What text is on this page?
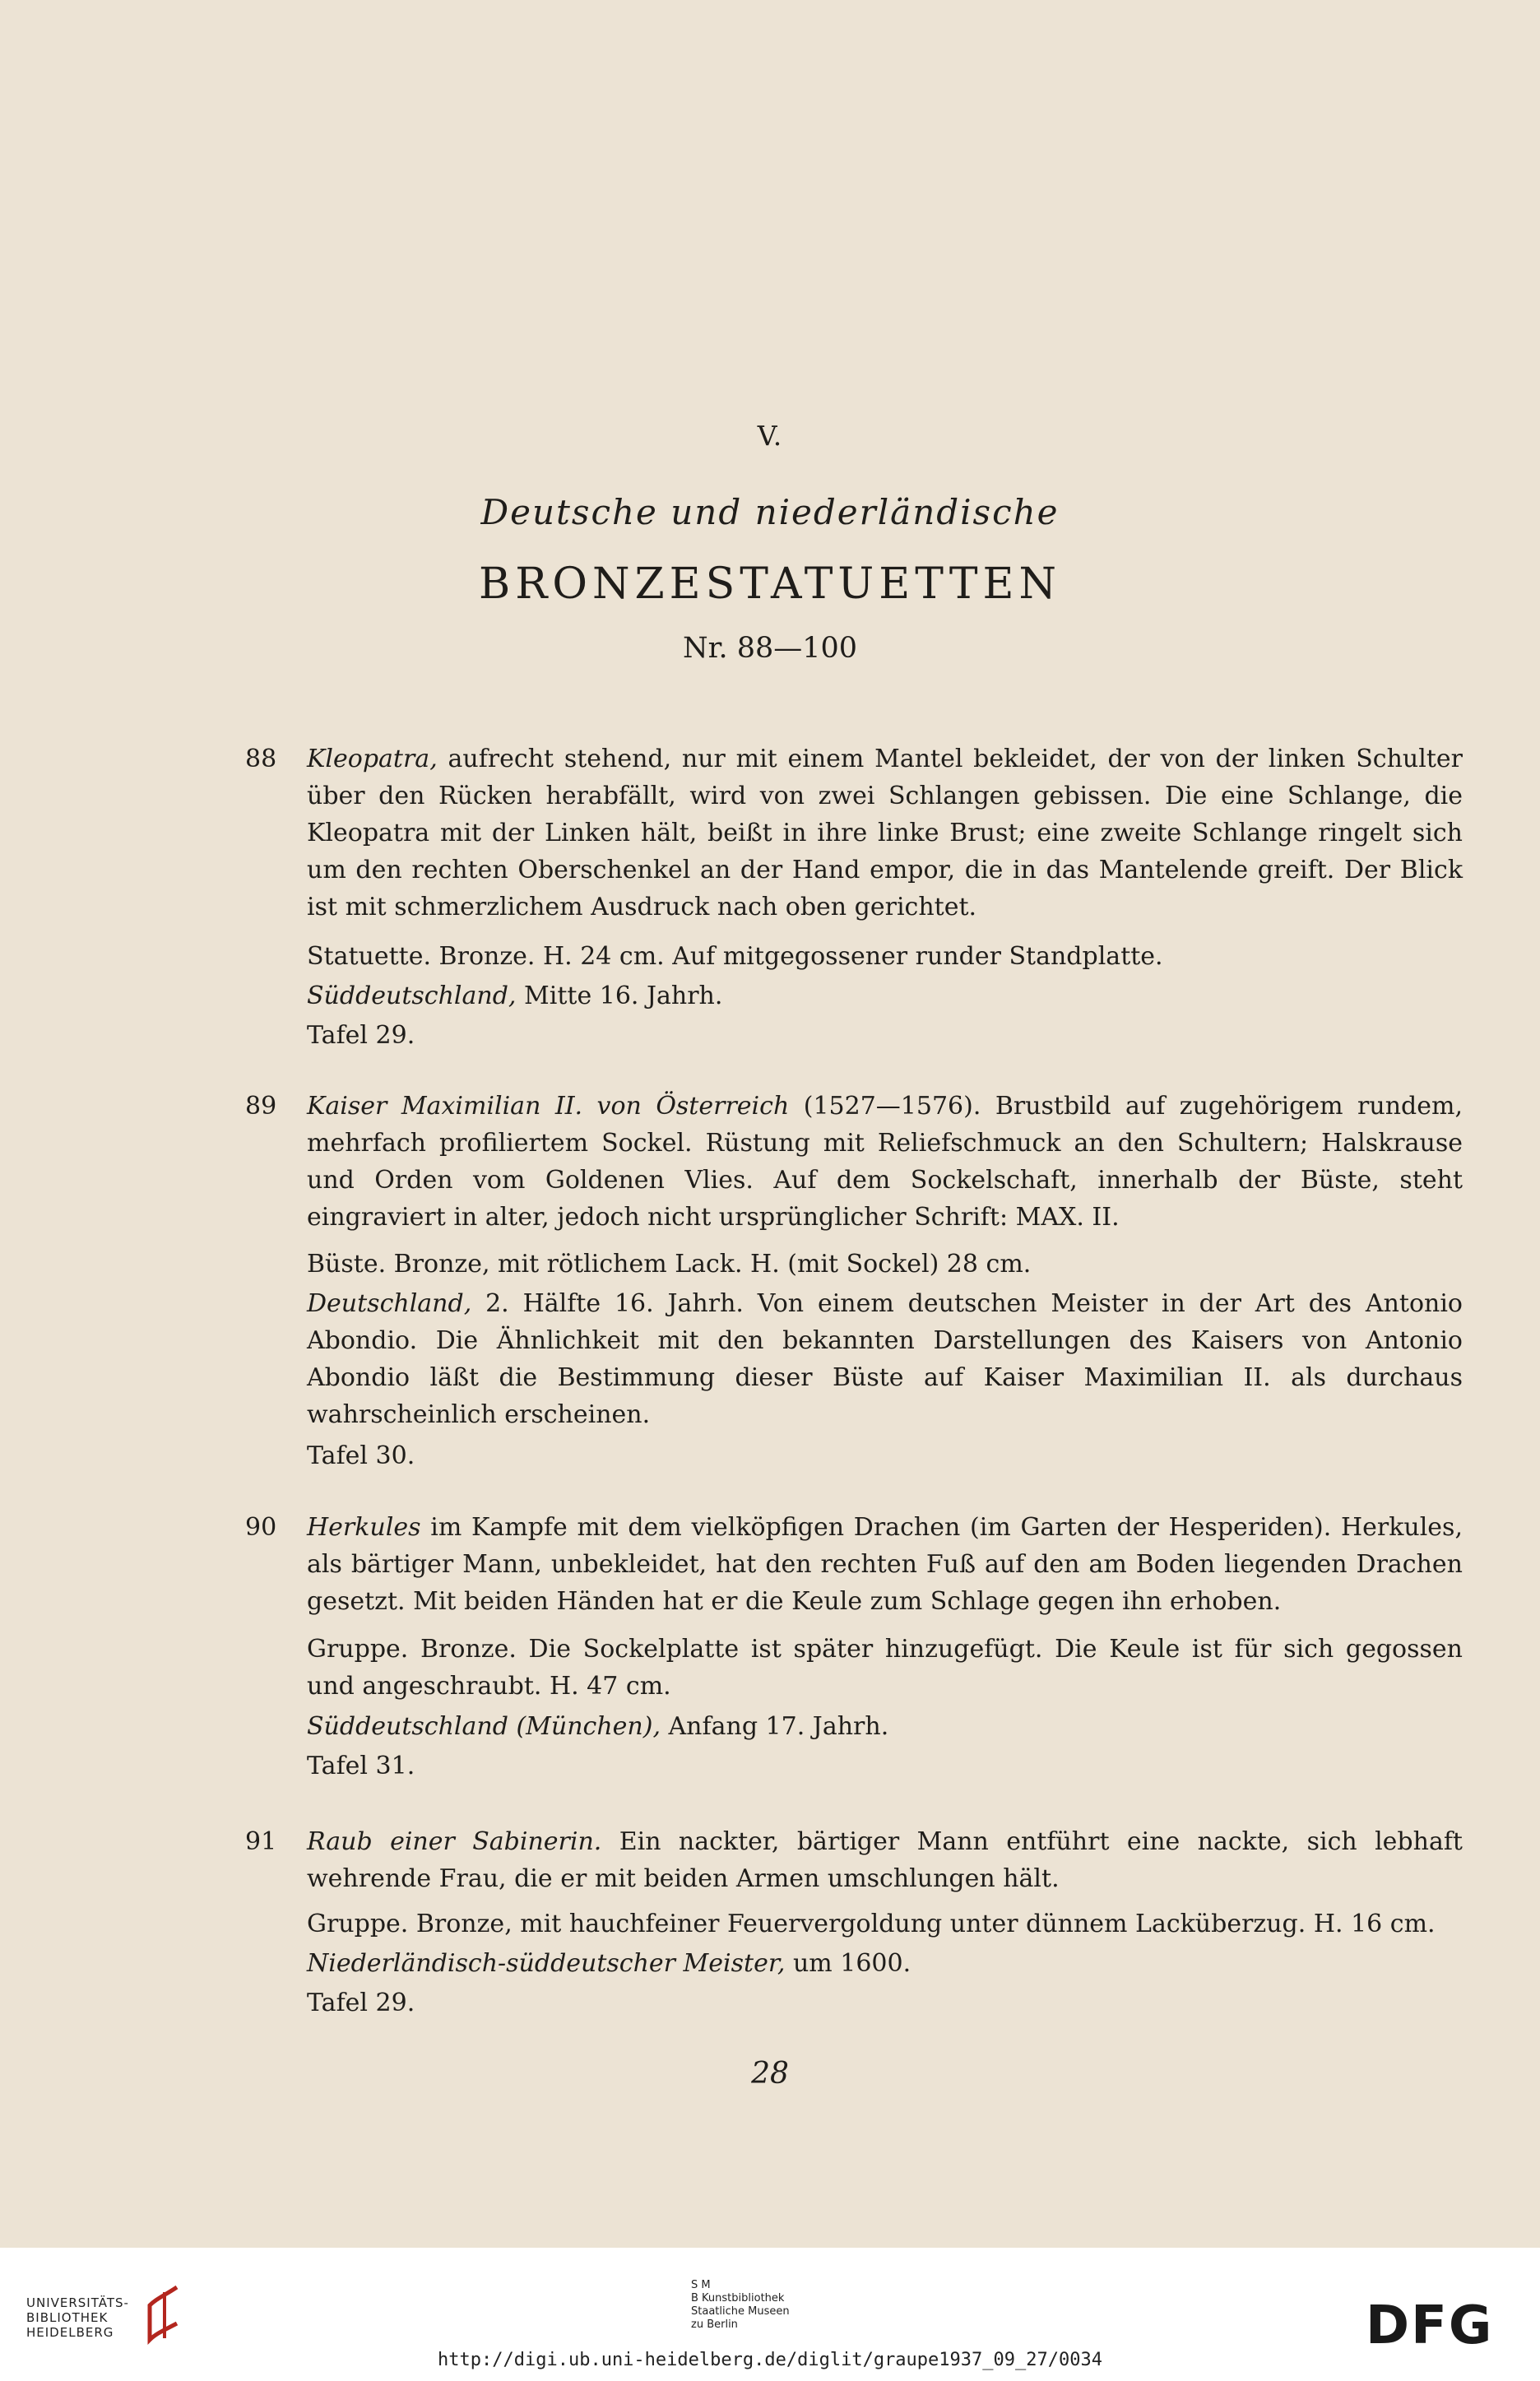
V.
Deutsche und niederländische
BRONZESTATUETTEN
Nr. 88—100
88 Kleopatra, aufrecht stehend, nur mit einem Mantel bekleidet, der von der linken Schulter über den Rücken herabfällt, wird von zwei Schlangen gebissen. Die eine Schlange, die Kleopatra mit der Linken hält, beißt in ihre linke Brust; eine zweite Schlange ringelt sich um den rechten Oberschenkel an der Hand empor, die in das Mantelende greift. Der Blick ist mit schmerzlichem Ausdruck nach oben gerichtet.
Statuette. Bronze. H. 24 cm. Auf mitgegossener runder Standplatte.
Süddeutschland, Mitte 16. Jahrh.
Tafel 29.
89 Kaiser Maximilian II. von Österreich (1527—1576). Brustbild auf zugehörigem rundem, mehrfach profiliertem Sockel. Rüstung mit Reliefschmuck an den Schultern; Halskrause und Orden vom Goldenen Vlies. Auf dem Sockelschaft, innerhalb der Büste, steht eingraviert in alter, jedoch nicht ursprünglicher Schrift: MAX. II.
Büste. Bronze, mit rötlichem Lack. H. (mit Sockel) 28 cm.
Deutschland, 2. Hälfte 16. Jahrh. Von einem deutschen Meister in der Art des Antonio Abondio. Die Ähnlichkeit mit den bekannten Darstellungen des Kaisers von Antonio Abondio läßt die Bestimmung dieser Büste auf Kaiser Maximilian II. als durchaus wahrscheinlich erscheinen.
Tafel 30.
90 Herkules im Kampfe mit dem vielköpfigen Drachen (im Garten der Hesperiden). Herkules, als bärtiger Mann, unbekleidet, hat den rechten Fuß auf den am Boden liegenden Drachen gesetzt. Mit beiden Händen hat er die Keule zum Schlage gegen ihn erhoben.
Gruppe. Bronze. Die Sockelplatte ist später hinzugefügt. Die Keule ist für sich gegossen und angeschraubt. H. 47 cm.
Süddeutschland (München), Anfang 17. Jahrh.
Tafel 31.
91 Raub einer Sabinerin. Ein nackter, bärtiger Mann entführt eine nackte, sich lebhaft wehrende Frau, die er mit beiden Armen umschlungen hält.
Gruppe. Bronze, mit hauchfeiner Feuervergoldung unter dünnem Lacküberzug. H. 16 cm.
Niederländisch-süddeutscher Meister, um 1600.
Tafel 29.
28
UNIVERSITÄTS-
BIBLIOTHEK
HEIDELBERG
S M
B Kunstbibliothek
Staatliche Museen
zu Berlin	DFG
http://digi.ub.uni-heidelberg.de/diglit/graupe1937_09_27/0034
